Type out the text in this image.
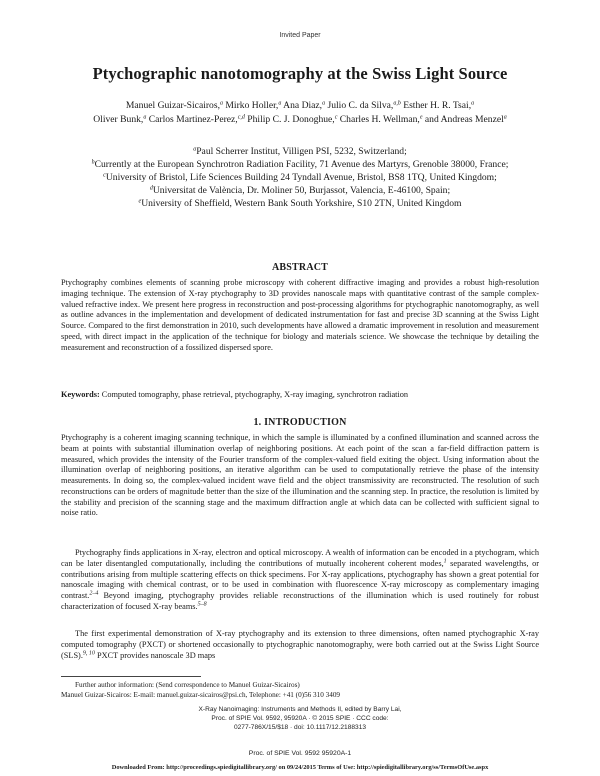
Invited Paper
Ptychographic nanotomography at the Swiss Light Source
Manuel Guizar-Sicairos,$^a$ Mirko Holler,$^a$ Ana Diaz,$^a$ Julio C. da Silva,$^{a,b}$ Esther H. R. Tsai,$^a$
Oliver Bunk,$^a$ Carlos Martinez-Perez,$^{c,d}$ Philip C. J. Donoghue,$^c$ Charles H. Wellman,$^e$ and Andreas Menzel$^a$
$^a$Paul Scherrer Institut, Villigen PSI, 5232, Switzerland;
$^b$Currently at the European Synchrotron Radiation Facility, 71 Avenue des Martyrs, Grenoble 38000, France;
$^c$University of Bristol, Life Sciences Building 24 Tyndall Avenue, Bristol, BS8 1TQ, United Kingdom;
$^d$Universitat de València, Dr. Moliner 50, Burjassot, Valencia, E-46100, Spain;
$^e$University of Sheffield, Western Bank South Yorkshire, S10 2TN, United Kingdom
ABSTRACT
Ptychography combines elements of scanning probe microscopy with coherent diffractive imaging and provides a robust high-resolution imaging technique. The extension of X-ray ptychography to 3D provides nanoscale maps with quantitative contrast of the sample complex-valued refractive index. We present here progress in reconstruction and post-processing algorithms for ptychographic nanotomography, as well as outline advances in the implementation and development of dedicated instrumentation for fast and precise 3D scanning at the Swiss Light Source. Compared to the first demonstration in 2010, such developments have allowed a dramatic improvement in resolution and measurement speed, with direct impact in the application of the technique for biology and materials science. We showcase the technique by detailing the measurement and reconstruction of a fossilized dispersed spore.
Keywords: Computed tomography, phase retrieval, ptychography, X-ray imaging, synchrotron radiation
1. INTRODUCTION
Ptychography is a coherent imaging scanning technique, in which the sample is illuminated by a confined illumination and scanned across the beam at points with substantial illumination overlap of neighboring positions. At each point of the scan a far-field diffraction pattern is measured, which provides the intensity of the Fourier transform of the complex-valued field exiting the object. Using information about the illumination overlap of neighboring positions, an iterative algorithm can be used to computationally retrieve the phase of the intensity measurements. In doing so, the complex-valued incident wave field and the object transmissivity are reconstructed. The resolution of such reconstructions can be orders of magnitude better than the size of the illumination and the scanning step. In practice, the resolution is limited by the stability and precision of the scanning stage and the maximum diffraction angle at which data can be collected with sufficient signal to noise ratio.
Ptychography finds applications in X-ray, electron and optical microscopy. A wealth of information can be encoded in a ptychogram, which can be later disentangled computationally, including the contributions of mutually incoherent coherent modes,$^1$ separated wavelengths, or contributions arising from multiple scattering effects on thick specimens. For X-ray applications, ptychography has shown a great potential for nanoscale imaging with chemical contrast, or to be used in combination with fluorescence X-ray microscopy as complementary imaging contrast.$^{2-4}$ Beyond imaging, ptychography provides reliable reconstructions of the illumination which is used routinely for robust characterization of focused X-ray beams.$^{5-8}$
The first experimental demonstration of X-ray ptychography and its extension to three dimensions, often named ptychographic X-ray computed tomography (PXCT) or shortened occasionally to ptychographic nanotomography, were both carried out at the Swiss Light Source (SLS).$^{9, 10}$ PXCT provides nanoscale 3D maps
Further author information: (Send correspondence to Manuel Guizar-Sicairos)
Manuel Guizar-Sicairos: E-mail: manuel.guizar-sicairos@psi.ch, Telephone: +41 (0)56 310 3409
X-Ray Nanoimaging: Instruments and Methods II, edited by Barry Lai,
Proc. of SPIE Vol. 9592, 95920A · © 2015 SPIE · CCC code:
0277-786X/15/$18 · doi: 10.1117/12.2188313
Proc. of SPIE Vol. 9592 95920A-1
Downloaded From: http://proceedings.spiedigitallibrary.org/ on 09/24/2015 Terms of Use: http://spiedigitallibrary.org/ss/TermsOfUse.aspx
